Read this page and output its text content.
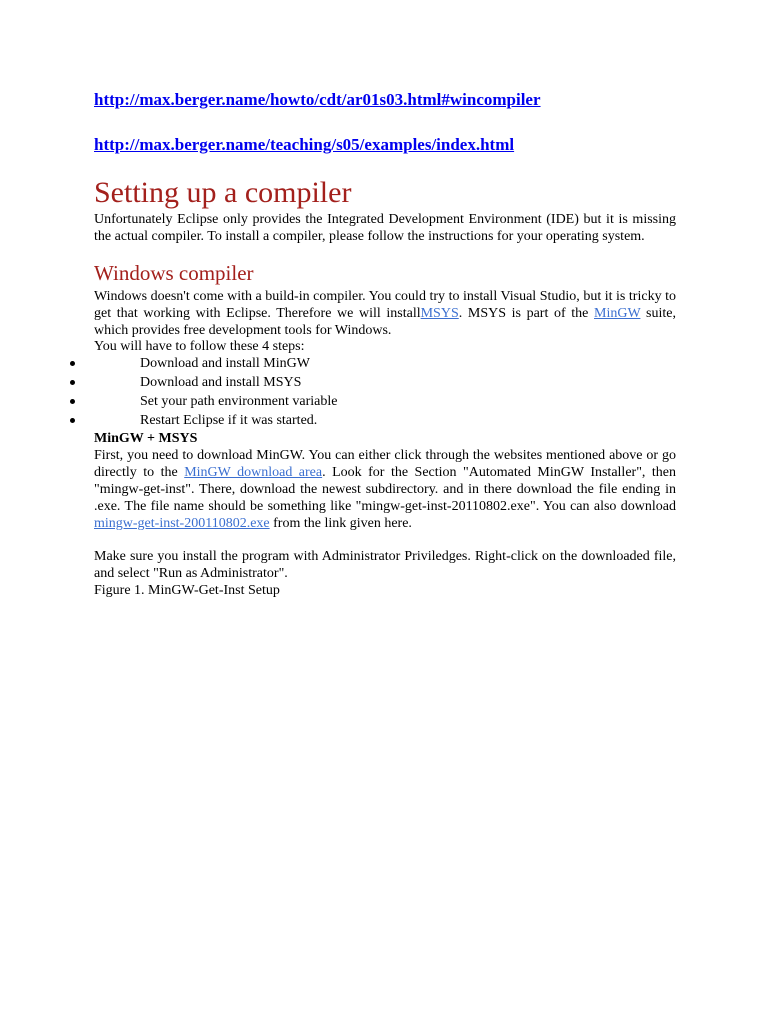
http://max.berger.name/howto/cdt/ar01s03.html#wincompiler
http://max.berger.name/teaching/s05/examples/index.html
Setting up a compiler

Unfortunately Eclipse only provides the Integrated Development Environment (IDE) but it is missing the actual compiler. To install a compiler, please follow the instructions for your operating system.

Windows compiler

Windows doesn't come with a build-in compiler. You could try to install Visual Studio, but it is tricky to get that working with Eclipse. Therefore we will installMSYS. MSYS is part of the MinGW suite, which provides free development tools for Windows.

You will have to follow these 4 steps:

Download and install MinGW
Download and install MSYS
Set your path environment variable
Restart Eclipse if it was started.

MinGW + MSYS

First, you need to download MinGW. You can either click through the websites mentioned above or go directly to the MinGW download area. Look for the Section "Automated MinGW Installer", then "mingw-get-inst". There, download the newest subdirectory. and in there download the file ending in .exe. The file name should be something like "mingw-get-inst-20110802.exe". You can also download mingw-get-inst-200110802.exe from the link given here.

Make sure you install the program with Administrator Priviledges. Right-click on the downloaded file, and select "Run as Administrator".

Figure 1. MinGW-Get-Inst Setup
